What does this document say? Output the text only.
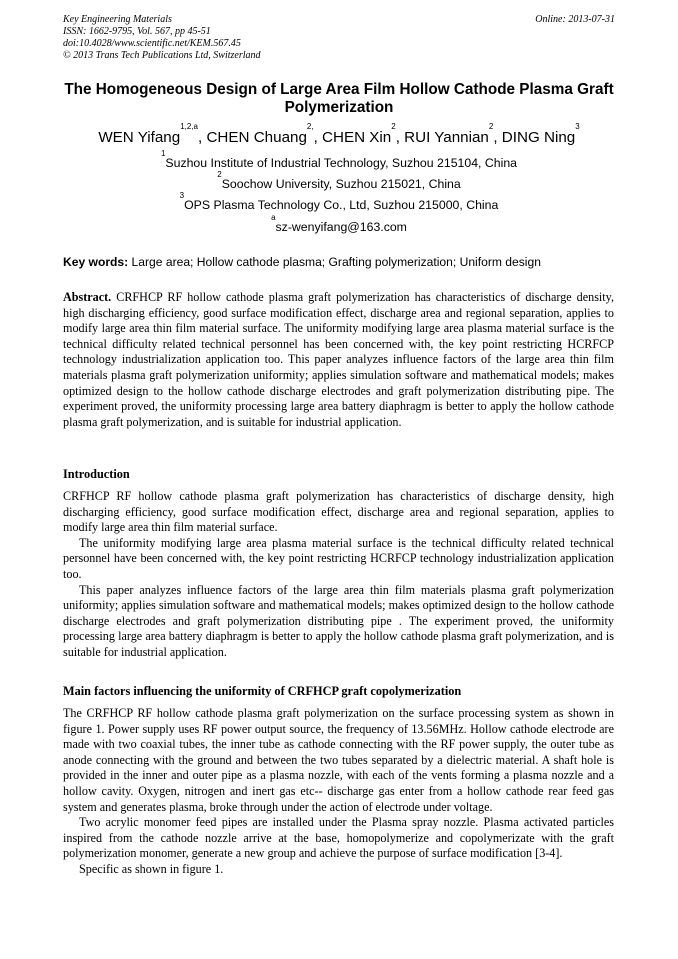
Key Engineering Materials
ISSN: 1662-9795, Vol. 567, pp 45-51
doi:10.4028/www.scientific.net/KEM.567.45
© 2013 Trans Tech Publications Ltd, Switzerland
Online: 2013-07-31
The Homogeneous Design of Large Area Film Hollow Cathode Plasma Graft Polymerization
WEN Yifang$^{1,2,a}$, CHEN Chuang$^{2,}$, CHEN Xin$^2$, RUI Yannian$^2$, DING Ning$^3$
$^1$Suzhou Institute of Industrial Technology, Suzhou 215104, China
$^2$Soochow University, Suzhou 215021, China
$^3$OPS Plasma Technology Co., Ltd, Suzhou 215000, China
$^a$sz-wenyifang@163.com
Key words: Large area; Hollow cathode plasma; Grafting polymerization; Uniform design

Abstract. CRFHCP RF hollow cathode plasma graft polymerization has characteristics of discharge density, high discharging efficiency, good surface modification effect, discharge area and regional separation, applies to modify large area thin film material surface. The uniformity modifying large area plasma material surface is the technical difficulty related technical personnel has been concerned with, the key point restricting HCRFCP technology industrialization application too. This paper analyzes influence factors of the large area thin film materials plasma graft polymerization uniformity; applies simulation software and mathematical models; makes optimized design to the hollow cathode discharge electrodes and graft polymerization distributing pipe. The experiment proved, the uniformity processing large area battery diaphragm is better to apply the hollow cathode plasma graft polymerization, and is suitable for industrial application.

Introduction

CRFHCP RF hollow cathode plasma graft polymerization has characteristics of discharge density, high discharging efficiency, good surface modification effect, discharge area and regional separation, applies to modify large area thin film material surface.

The uniformity modifying large area plasma material surface is the technical difficulty related technical personnel have been concerned with, the key point restricting HCRFCP technology industrialization application too.

This paper analyzes influence factors of the large area thin film materials plasma graft polymerization uniformity; applies simulation software and mathematical models; makes optimized design to the hollow cathode discharge electrodes and graft polymerization distributing pipe . The experiment proved, the uniformity processing large area battery diaphragm is better to apply the hollow cathode plasma graft polymerization, and is suitable for industrial application.

Main factors influencing the uniformity of CRFHCP graft copolymerization

The CRFHCP RF hollow cathode plasma graft polymerization on the surface processing system as shown in figure 1. Power supply uses RF power output source, the frequency of 13.56MHz. Hollow cathode electrode are made with two coaxial tubes, the inner tube as cathode connecting with the RF power supply, the outer tube as anode connecting with the ground and between the two tubes separated by a dielectric material. A shaft hole is provided in the inner and outer pipe as a plasma nozzle, with each of the vents forming a plasma nozzle and a hollow cavity. Oxygen, nitrogen and inert gas etc-- discharge gas enter from a hollow cathode rear feed gas system and generates plasma, broke through under the action of electrode under voltage.

Two acrylic monomer feed pipes are installed under the Plasma spray nozzle. Plasma activated particles inspired from the cathode nozzle arrive at the base, homopolymerize and copolymerizate with the graft polymerization monomer, generate a new group and achieve the purpose of surface modification [3-4].

Specific as shown in figure 1.
